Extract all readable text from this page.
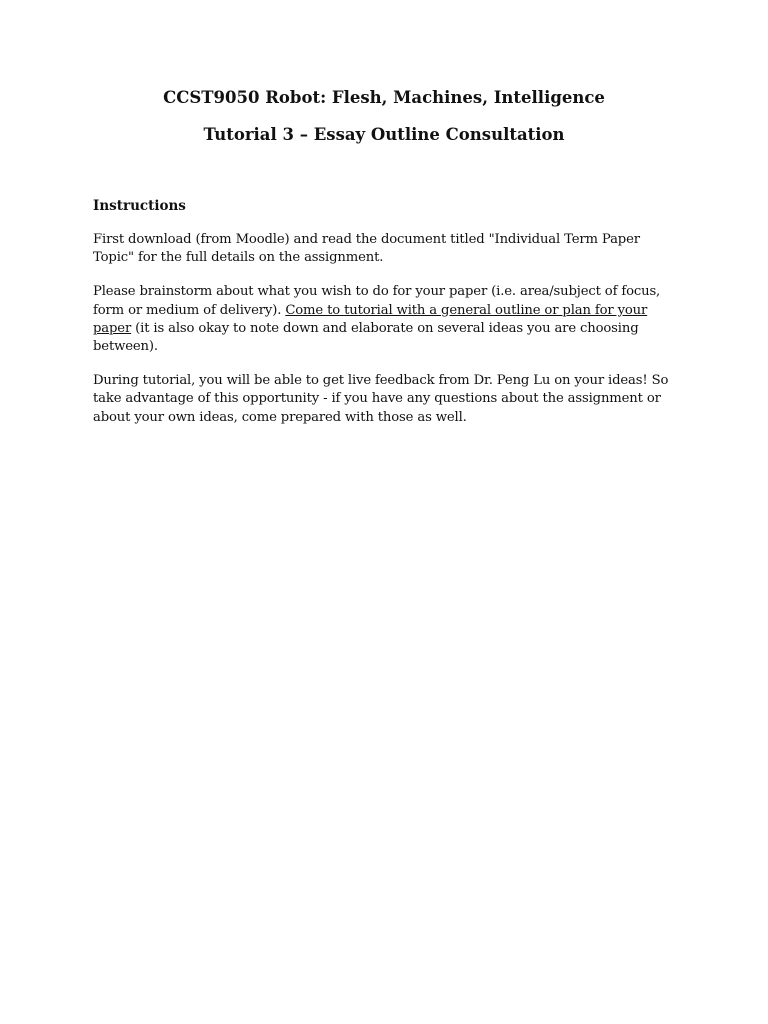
CCST9050 Robot: Flesh, Machines, Intelligence
Tutorial 3 – Essay Outline Consultation
Instructions

First download (from Moodle) and read the document titled "Individual Term Paper Topic" for the full details on the assignment.

Please brainstorm about what you wish to do for your paper (i.e. area/subject of focus, form or medium of delivery). Come to tutorial with a general outline or plan for your paper (it is also okay to note down and elaborate on several ideas you are choosing between).

During tutorial, you will be able to get live feedback from Dr. Peng Lu on your ideas! So take advantage of this opportunity - if you have any questions about the assignment or about your own ideas, come prepared with those as well.
